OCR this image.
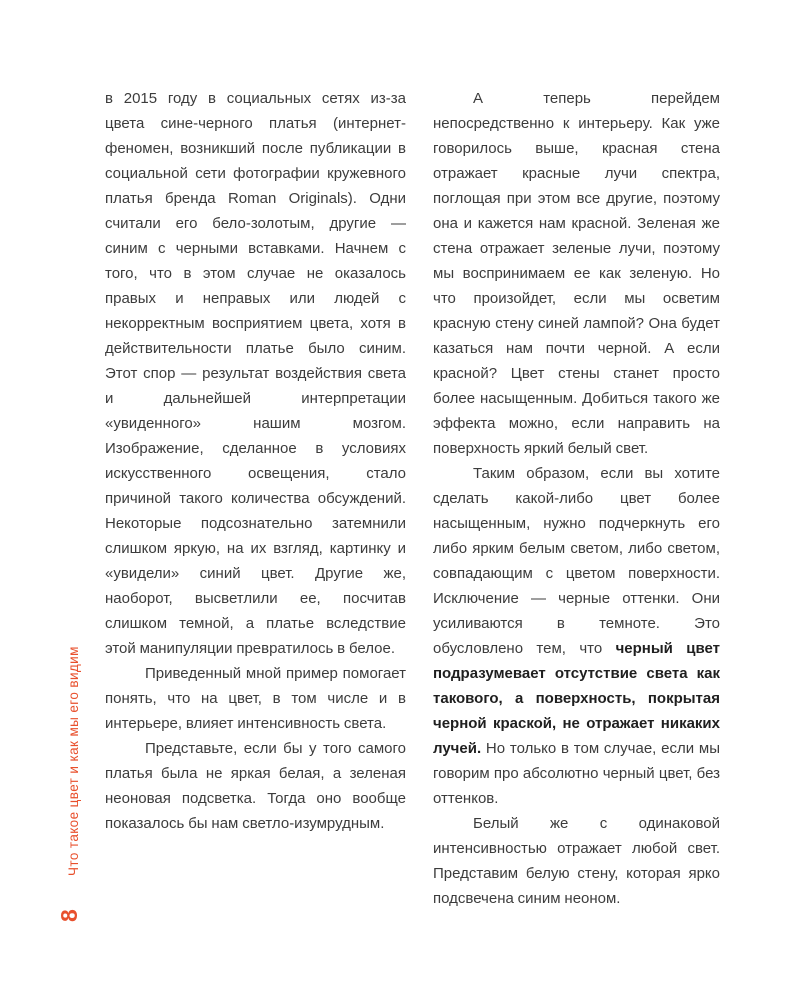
Что такое цвет и как мы его видим
8

в 2015 году в социальных сетях из-за цвета сине-черного платья (интернет-феномен, возникший после публикации в социальной сети фотографии кружевного платья бренда Roman Originals). Одни считали его бело-золотым, другие — синим с черными вставками. Начнем с того, что в этом случае не оказалось правых и неправых или людей с некорректным восприятием цвета, хотя в действительности платье было синим. Этот спор — результат воздействия света и дальнейшей интерпретации «увиденного» нашим мозгом. Изображение, сделанное в условиях искусственного освещения, стало причиной такого количества обсуждений. Некоторые подсознательно затемнили слишком яркую, на их взгляд, картинку и «увидели» синий цвет. Другие же, наоборот, высветлили ее, посчитав слишком темной, а платье вследствие этой манипуляции превратилось в белое.

Приведенный мной пример помогает понять, что на цвет, в том числе и в интерьере, влияет интенсивность света.

Представьте, если бы у того самого платья была не яркая белая, а зеленая неоновая подсветка. Тогда оно вообще показалось бы нам светло-изумрудным.

А теперь перейдем непосредственно к интерьеру. Как уже говорилось выше, красная стена отражает красные лучи спектра, поглощая при этом все другие, поэтому она и кажется нам красной. Зеленая же стена отражает зеленые лучи, поэтому мы воспринимаем ее как зеленую. Но что произойдет, если мы осветим красную стену синей лампой? Она будет казаться нам почти черной. А если красной? Цвет стены станет просто более насыщенным. Добиться такого же эффекта можно, если направить на поверхность яркий белый свет.

Таким образом, если вы хотите сделать какой-либо цвет более насыщенным, нужно подчеркнуть его либо ярким белым светом, либо светом, совпадающим с цветом поверхности. Исключение — черные оттенки. Они усиливаются в темноте. Это обусловлено тем, что черный цвет подразумевает отсутствие света как такового, а поверхность, покрытая черной краской, не отражает никаких лучей. Но только в том случае, если мы говорим про абсолютно черный цвет, без оттенков.

Белый же с одинаковой интенсивностью отражает любой свет. Представим белую стену, которая ярко подсвечена синим неоном.
